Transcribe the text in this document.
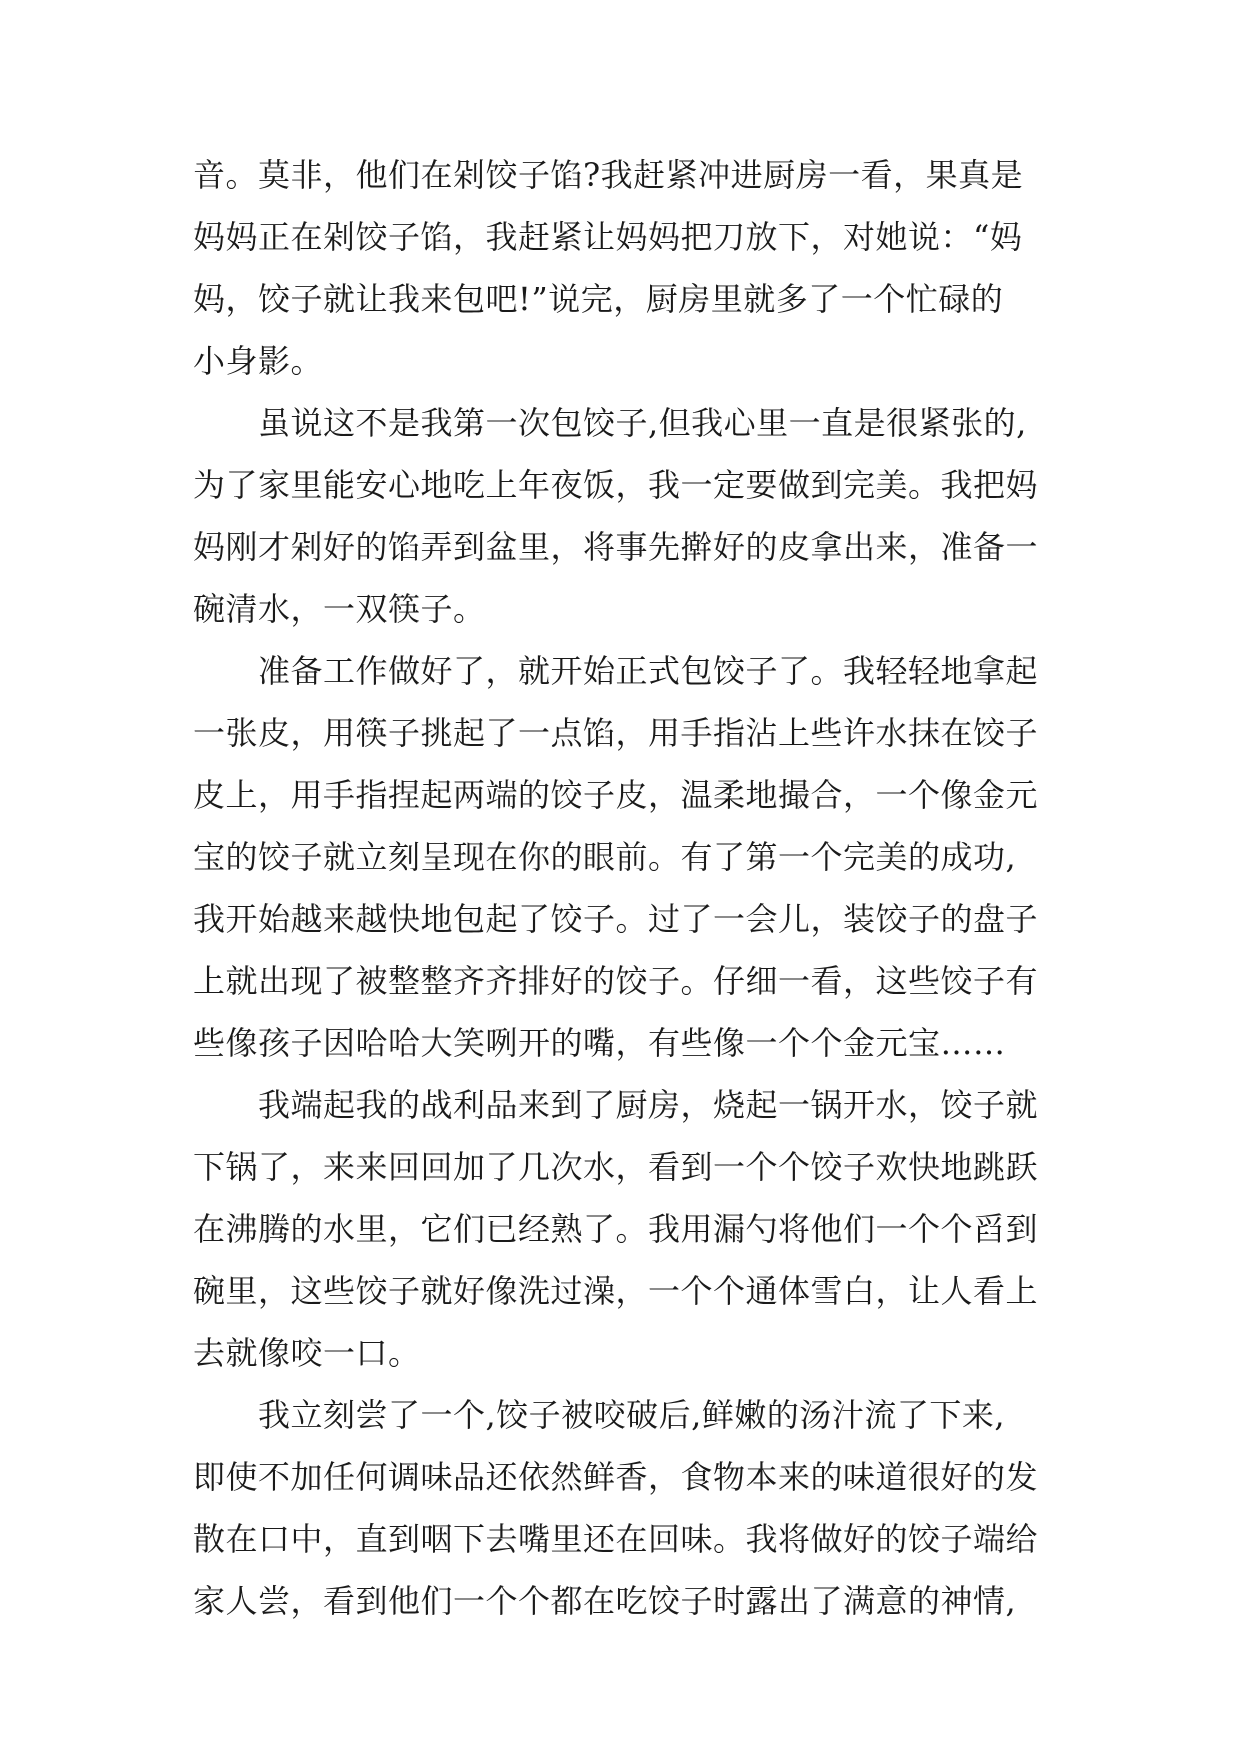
音。莫非，他们在剁饺子馅?我赶紧冲进厨房一看，果真是
妈妈正在剁饺子馅，我赶紧让妈妈把刀放下，对她说：“妈
妈，饺子就让我来包吧!”说完，厨房里就多了一个忙碌的
小身影。
　　虽说这不是我第一次包饺子,但我心里一直是很紧张的,
为了家里能安心地吃上年夜饭，我一定要做到完美。我把妈
妈刚才剁好的馅弄到盆里，将事先擀好的皮拿出来，准备一
碗清水，一双筷子。
　　准备工作做好了，就开始正式包饺子了。我轻轻地拿起
一张皮，用筷子挑起了一点馅，用手指沾上些许水抹在饺子
皮上，用手指捏起两端的饺子皮，温柔地撮合，一个像金元
宝的饺子就立刻呈现在你的眼前。有了第一个完美的成功,
我开始越来越快地包起了饺子。过了一会儿，装饺子的盘子
上就出现了被整整齐齐排好的饺子。仔细一看，这些饺子有
些像孩子因哈哈大笑咧开的嘴，有些像一个个金元宝……
　　我端起我的战利品来到了厨房，烧起一锅开水，饺子就
下锅了，来来回回加了几次水，看到一个个饺子欢快地跳跃
在沸腾的水里，它们已经熟了。我用漏勺将他们一个个舀到
碗里，这些饺子就好像洗过澡，一个个通体雪白，让人看上
去就像咬一口。
　　我立刻尝了一个,饺子被咬破后,鲜嫩的汤汁流了下来,
即使不加任何调味品还依然鲜香，食物本来的味道很好的发
散在口中，直到咽下去嘴里还在回味。我将做好的饺子端给
家人尝，看到他们一个个都在吃饺子时露出了满意的神情,
